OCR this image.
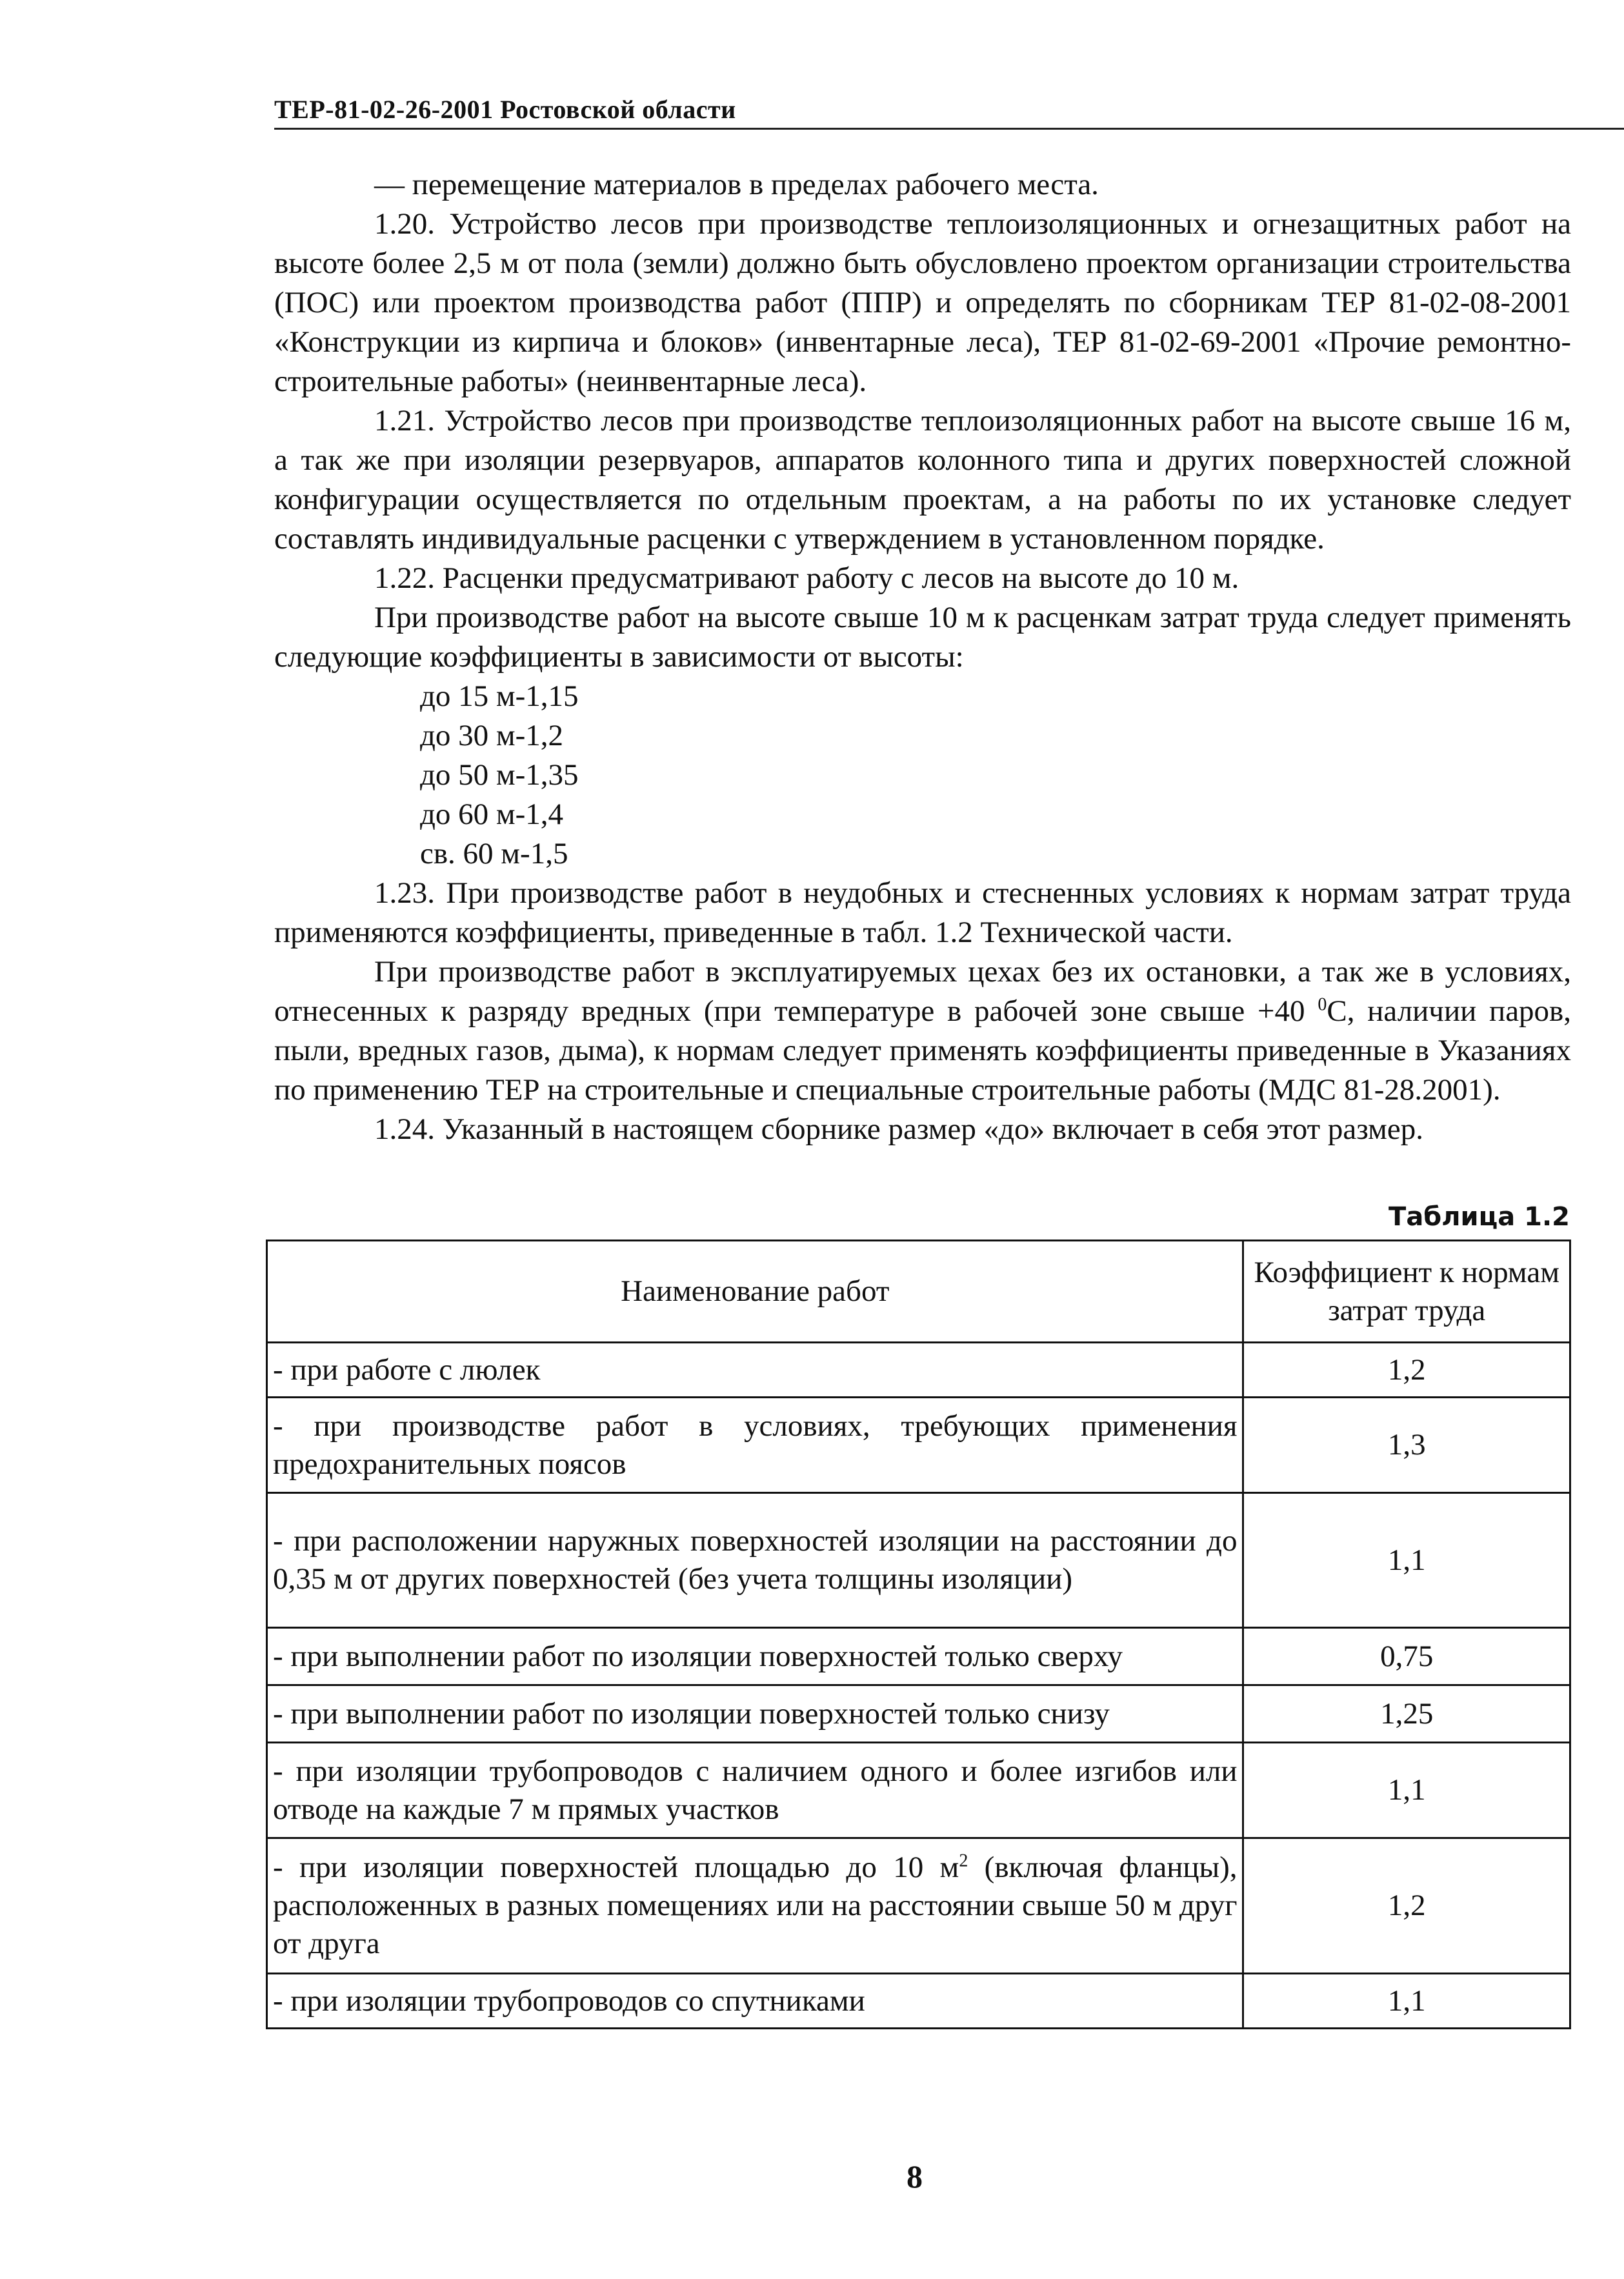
ТЕР-81-02-26-2001 Ростовской области

— перемещение материалов в пределах рабочего места.

1.20. Устройство лесов при производстве теплоизоляционных и огнезащитных работ на высоте более 2,5 м от пола (земли) должно быть обусловлено проектом организации строительства (ПОС) или проектом производства работ (ППР) и определять по сборникам ТЕР 81-02-08-2001 «Конструкции из кирпича и блоков» (инвентарные леса), ТЕР 81-02-69-2001 «Прочие ремонтно-строительные работы» (неинвентарные леса).

1.21. Устройство лесов при производстве теплоизоляционных работ на высоте свыше 16 м, а так же при изоляции резервуаров, аппаратов колонного типа и других поверхностей сложной конфигурации осуществляется по отдельным проектам, а на работы по их установке следует составлять индивидуальные расценки с утверждением в установленном порядке.

1.22. Расценки предусматривают работу с лесов на высоте до 10 м.

При производстве работ на высоте свыше 10 м к расценкам затрат труда следует применять следующие коэффициенты в зависимости от высоты:

до 15 м-1,15
до 30 м-1,2
до 50 м-1,35
до 60 м-1,4
св. 60 м-1,5

1.23. При производстве работ в неудобных и стесненных условиях к нормам затрат труда применяются коэффициенты, приведенные в табл. 1.2 Технической части.

При производстве работ в эксплуатируемых цехах без их остановки, а так же в условиях, отнесенных к разряду вредных (при температуре в рабочей зоне свыше +40 $^0$С, наличии паров, пыли, вредных газов, дыма), к нормам следует применять коэффициенты приведенные в Указаниях по применению ТЕР на строительные и специальные строительные работы (МДС 81-28.2001).

1.24. Указанный в настоящем сборнике размер «до» включает в себя этот размер.

Таблица 1.2
Наименование работ	Коэффициент к нормам затрат труда
- при работе с люлек	1,2
- при производстве работ в условиях, требующих применения предохранительных поясов	1,3
- при расположении наружных поверхностей изоляции на расстоянии до 0,35 м от других поверхностей (без учета толщины изоляции)	1,1
- при выполнении работ по изоляции поверхностей только сверху	0,75
- при выполнении работ по изоляции поверхностей только снизу	1,25
- при изоляции трубопроводов с наличием одного и более изгибов или отводе на каждые 7 м прямых участков	1,1
- при изоляции поверхностей площадью до 10 $м^2$ (включая фланцы), расположенных в разных помещениях или на расстоянии свыше 50 м друг от друга	1,2
- при изоляции трубопроводов со спутниками	1,1
8
